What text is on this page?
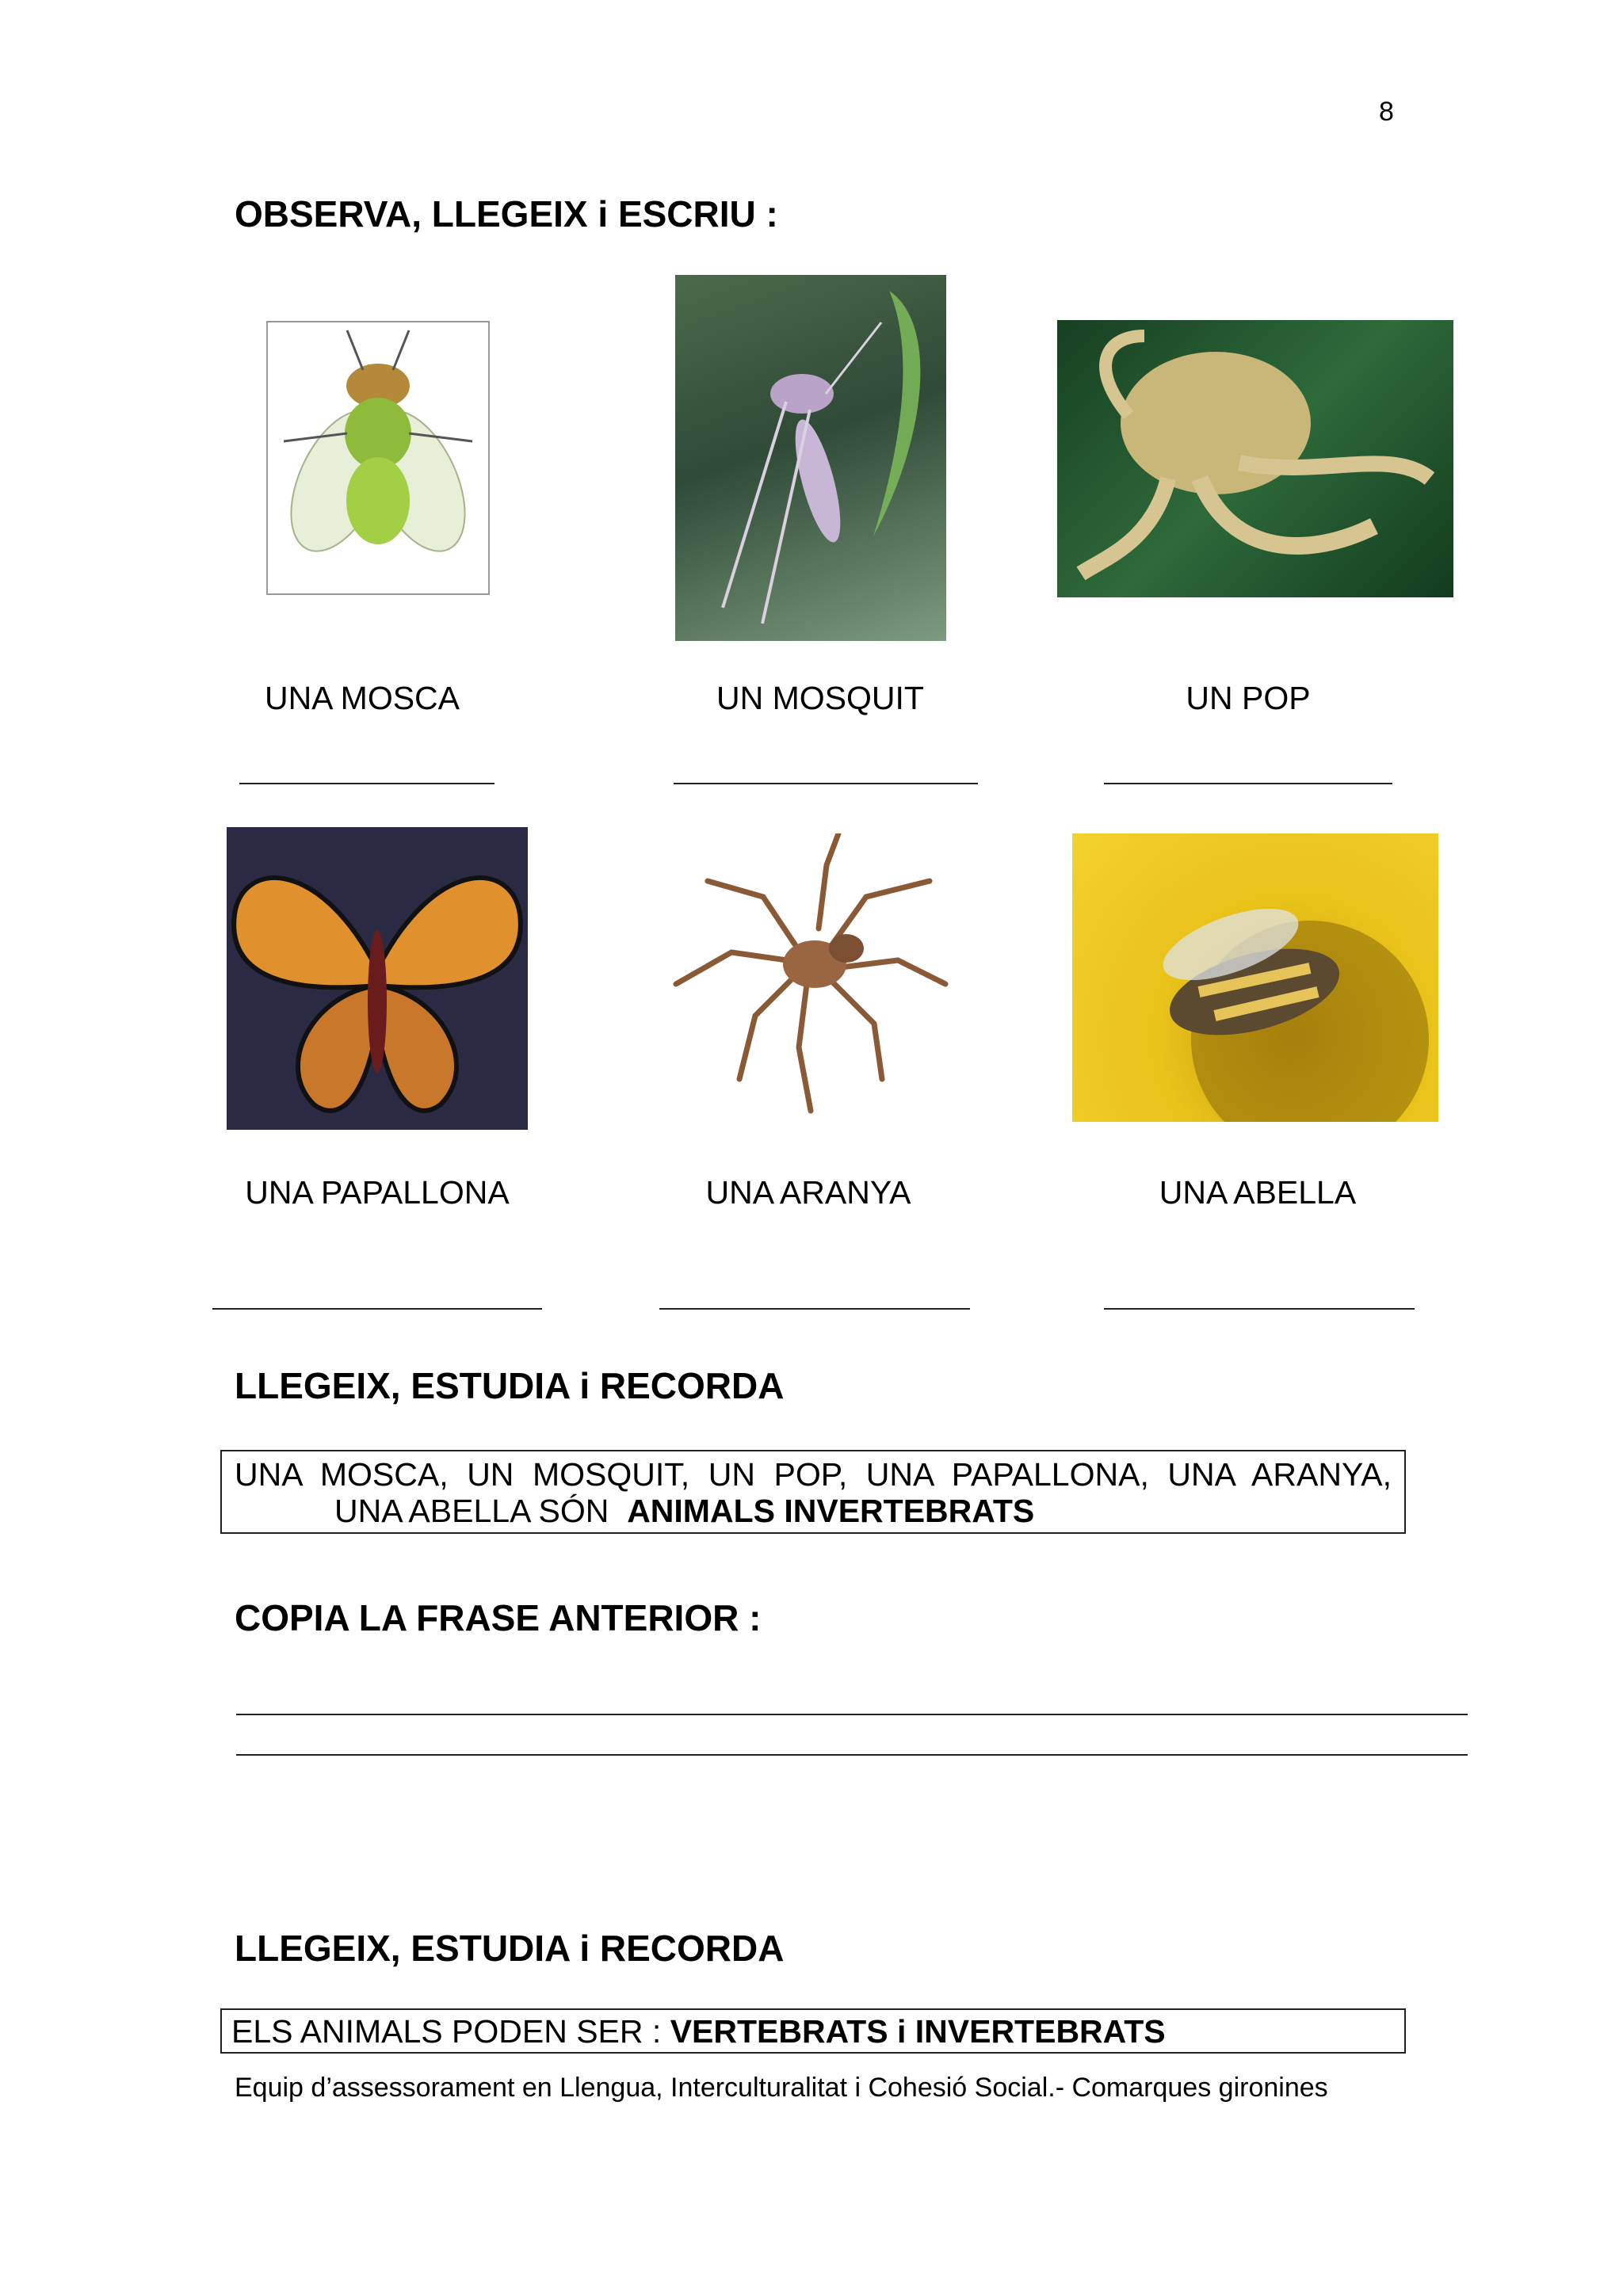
8
OBSERVA, LLEGEIX i ESCRIU :
UNA MOSCA	UN MOSQUIT	UN POP
UNA PAPALLONA	UNA ARANYA	UNA ABELLA
LLEGEIX, ESTUDIA i RECORDA
UNA MOSCA, UN MOSQUIT, UN POP, UNA PAPALLONA, UNA ARANYA,
UNA ABELLA SÓN ANIMALS INVERTEBRATS
COPIA LA FRASE ANTERIOR :
LLEGEIX, ESTUDIA i RECORDA
ELS ANIMALS PODEN SER : VERTEBRATS i INVERTEBRATS
Equip d’assessorament en Llengua, Interculturalitat i Cohesió Social.- Comarques gironines
